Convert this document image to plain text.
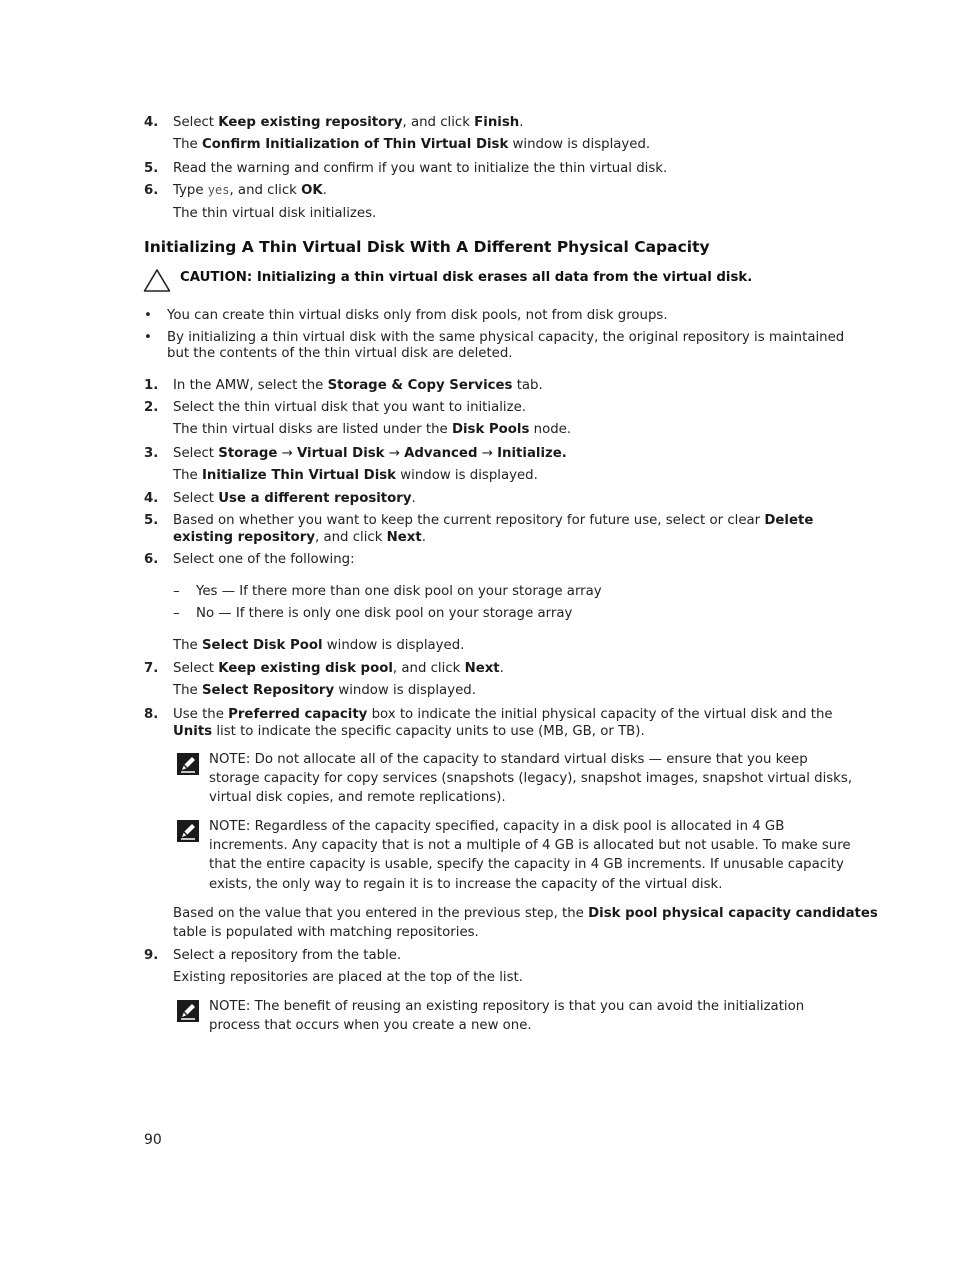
4. Select Keep existing repository, and click Finish.
The Confirm Initialization of Thin Virtual Disk window is displayed.
5. Read the warning and confirm if you want to initialize the thin virtual disk.
6. Type yes, and click OK.
The thin virtual disk initializes.
Initializing A Thin Virtual Disk With A Different Physical Capacity
CAUTION: Initializing a thin virtual disk erases all data from the virtual disk.
• You can create thin virtual disks only from disk pools, not from disk groups.
• By initializing a thin virtual disk with the same physical capacity, the original repository is maintained
but the contents of the thin virtual disk are deleted.
1. In the AMW, select the Storage & Copy Services tab.
2. Select the thin virtual disk that you want to initialize.
The thin virtual disks are listed under the Disk Pools node.
3. Select Storage → Virtual Disk → Advanced → Initialize.
The Initialize Thin Virtual Disk window is displayed.
4. Select Use a different repository.
5. Based on whether you want to keep the current repository for future use, select or clear Delete
existing repository, and click Next.
6. Select one of the following:
– Yes — If there more than one disk pool on your storage array
– No — If there is only one disk pool on your storage array
The Select Disk Pool window is displayed.
7. Select Keep existing disk pool, and click Next.
The Select Repository window is displayed.
8. Use the Preferred capacity box to indicate the initial physical capacity of the virtual disk and the
Units list to indicate the specific capacity units to use (MB, GB, or TB).
NOTE: Do not allocate all of the capacity to standard virtual disks — ensure that you keep
storage capacity for copy services (snapshots (legacy), snapshot images, snapshot virtual disks,
virtual disk copies, and remote replications).
NOTE: Regardless of the capacity specified, capacity in a disk pool is allocated in 4 GB
increments. Any capacity that is not a multiple of 4 GB is allocated but not usable. To make sure
that the entire capacity is usable, specify the capacity in 4 GB increments. If unusable capacity
exists, the only way to regain it is to increase the capacity of the virtual disk.
Based on the value that you entered in the previous step, the Disk pool physical capacity candidates
table is populated with matching repositories.
9. Select a repository from the table.
Existing repositories are placed at the top of the list.
NOTE: The benefit of reusing an existing repository is that you can avoid the initialization
process that occurs when you create a new one.
90
